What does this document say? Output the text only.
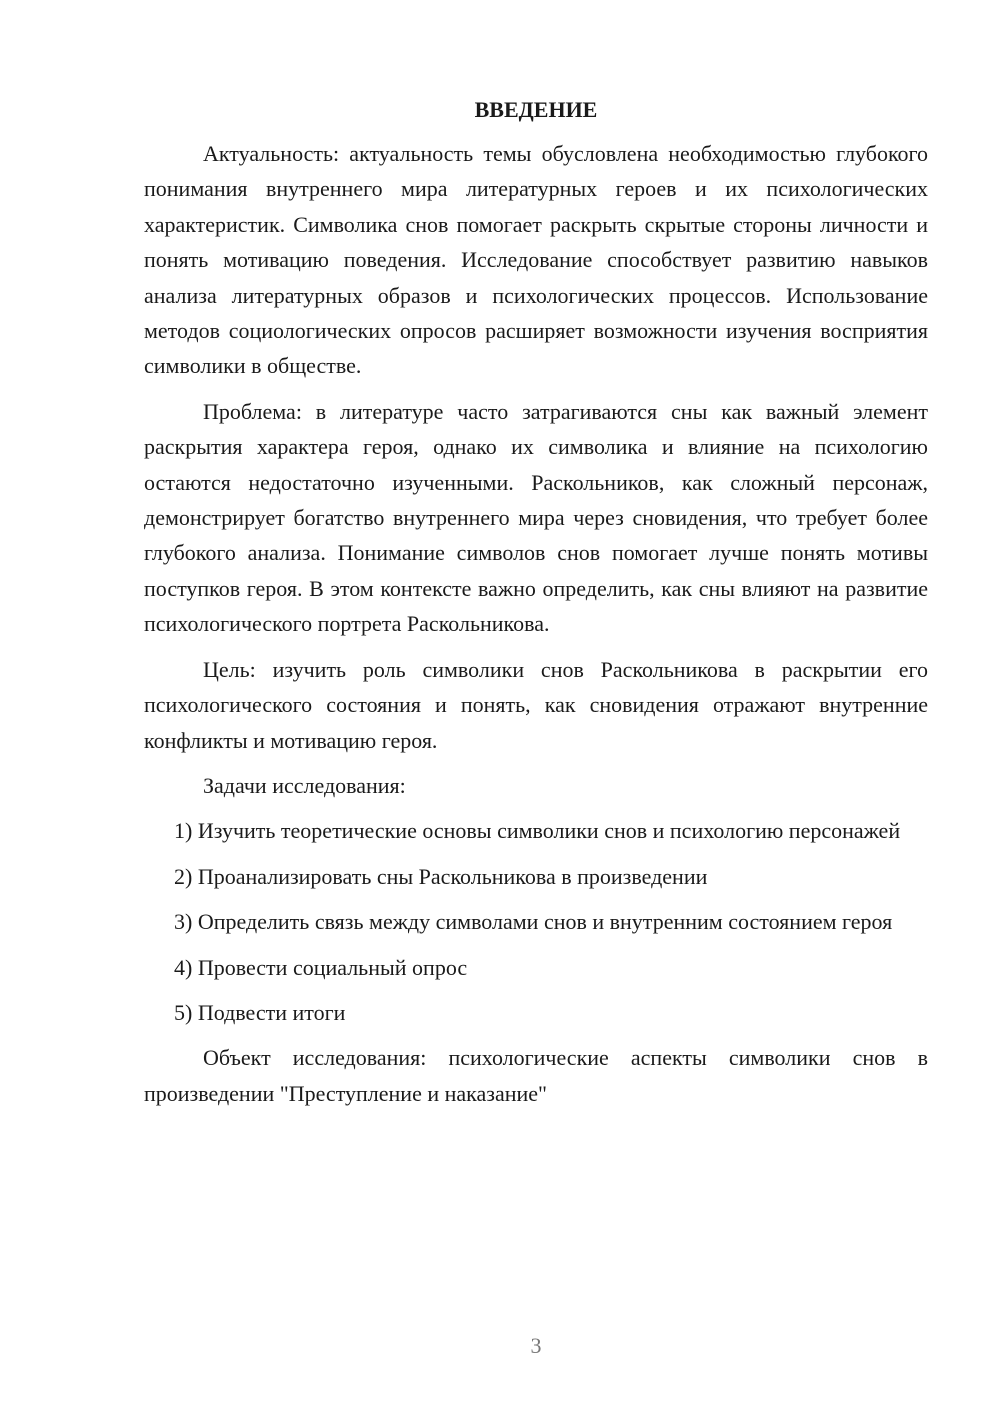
ВВЕДЕНИЕ

Актуальность: актуальность темы обусловлена необходимостью глубокого понимания внутреннего мира литературных героев и их психологических характеристик. Символика снов помогает раскрыть скрытые стороны личности и понять мотивацию поведения. Исследование способствует развитию навыков анализа литературных образов и психологических процессов. Использование методов социологических опросов расширяет возможности изучения восприятия символики в обществе.

Проблема: в литературе часто затрагиваются сны как важный элемент раскрытия характера героя, однако их символика и влияние на психологию остаются недостаточно изученными. Раскольников, как сложный персонаж, демонстрирует богатство внутреннего мира через сновидения, что требует более глубокого анализа. Понимание символов снов помогает лучше понять мотивы поступков героя. В этом контексте важно определить, как сны влияют на развитие психологического портрета Раскольникова.

Цель: изучить роль символики снов Раскольникова в раскрытии его психологического состояния и понять, как сновидения отражают внутренние конфликты и мотивацию героя.

Задачи исследования:

1) Изучить теоретические основы символики снов и психологию персонажей

2) Проанализировать сны Раскольникова в произведении

3) Определить связь между символами снов и внутренним состоянием героя

4) Провести социальный опрос

5) Подвести итоги

Объект исследования: психологические аспекты символики снов в произведении "Преступление и наказание"

3
